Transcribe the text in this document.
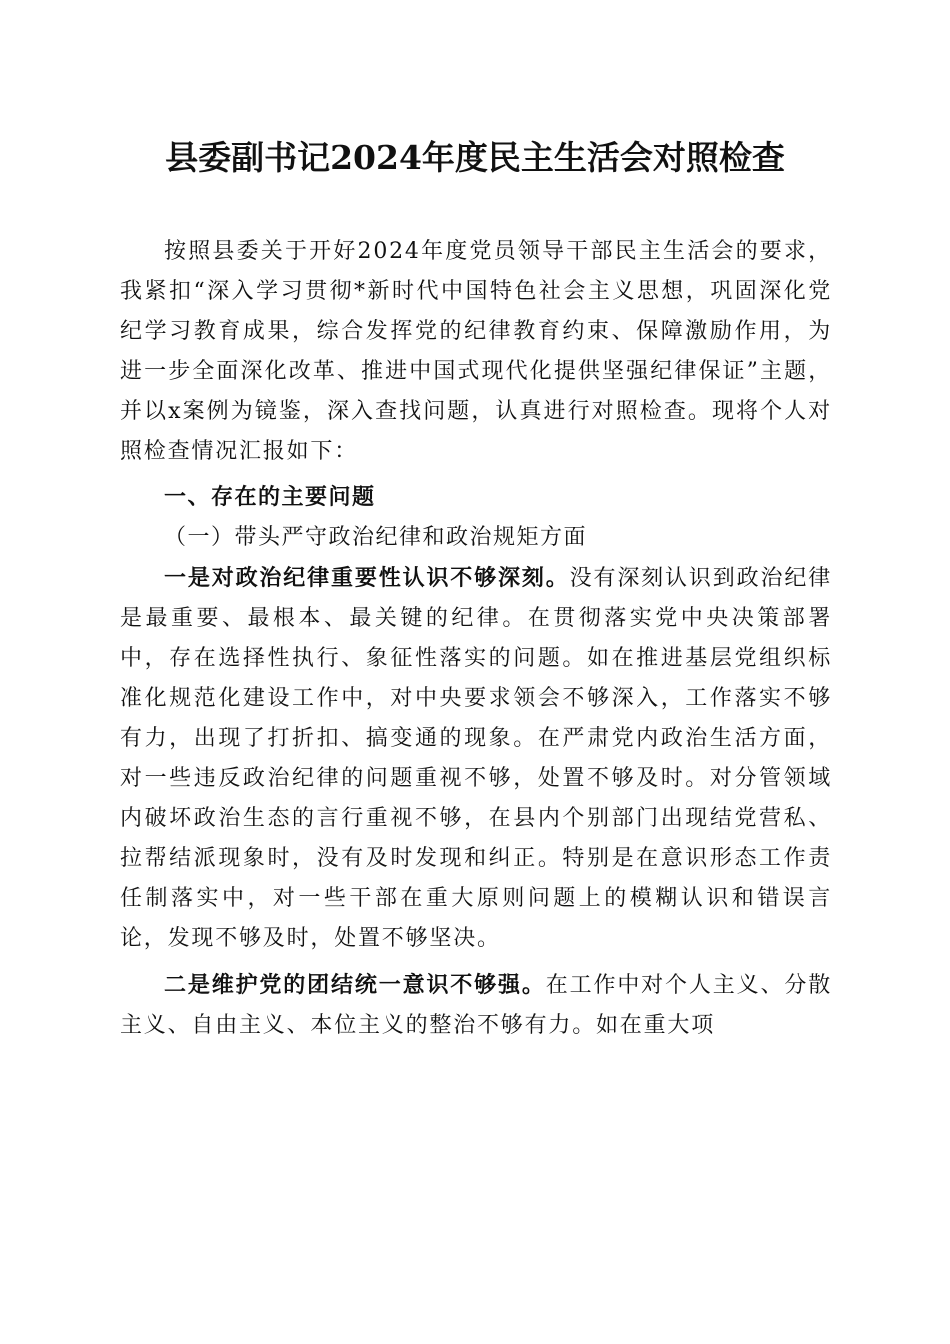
县委副书记2024年度民主生活会对照检查

按照县委关于开好2024年度党员领导干部民主生活会的要求，我紧扣“深入学习贯彻*新时代中国特色社会主义思想，巩固深化党纪学习教育成果，综合发挥党的纪律教育约束、保障激励作用，为进一步全面深化改革、推进中国式现代化提供坚强纪律保证”主题，并以x案例为镜鉴，深入查找问题，认真进行对照检查。现将个人对照检查情况汇报如下：

一、存在的主要问题

（一）带头严守政治纪律和政治规矩方面

一是对政治纪律重要性认识不够深刻。没有深刻认识到政治纪律是最重要、最根本、最关键的纪律。在贯彻落实党中央决策部署中，存在选择性执行、象征性落实的问题。如在推进基层党组织标准化规范化建设工作中，对中央要求领会不够深入，工作落实不够有力，出现了打折扣、搞变通的现象。在严肃党内政治生活方面，对一些违反政治纪律的问题重视不够，处置不够及时。对分管领域内破坏政治生态的言行重视不够，在县内个别部门出现结党营私、拉帮结派现象时，没有及时发现和纠正。特别是在意识形态工作责任制落实中，对一些干部在重大原则问题上的模糊认识和错误言论，发现不够及时，处置不够坚决。

二是维护党的团结统一意识不够强。在工作中对个人主义、分散主义、自由主义、本位主义的整治不够有力。如在重大项
